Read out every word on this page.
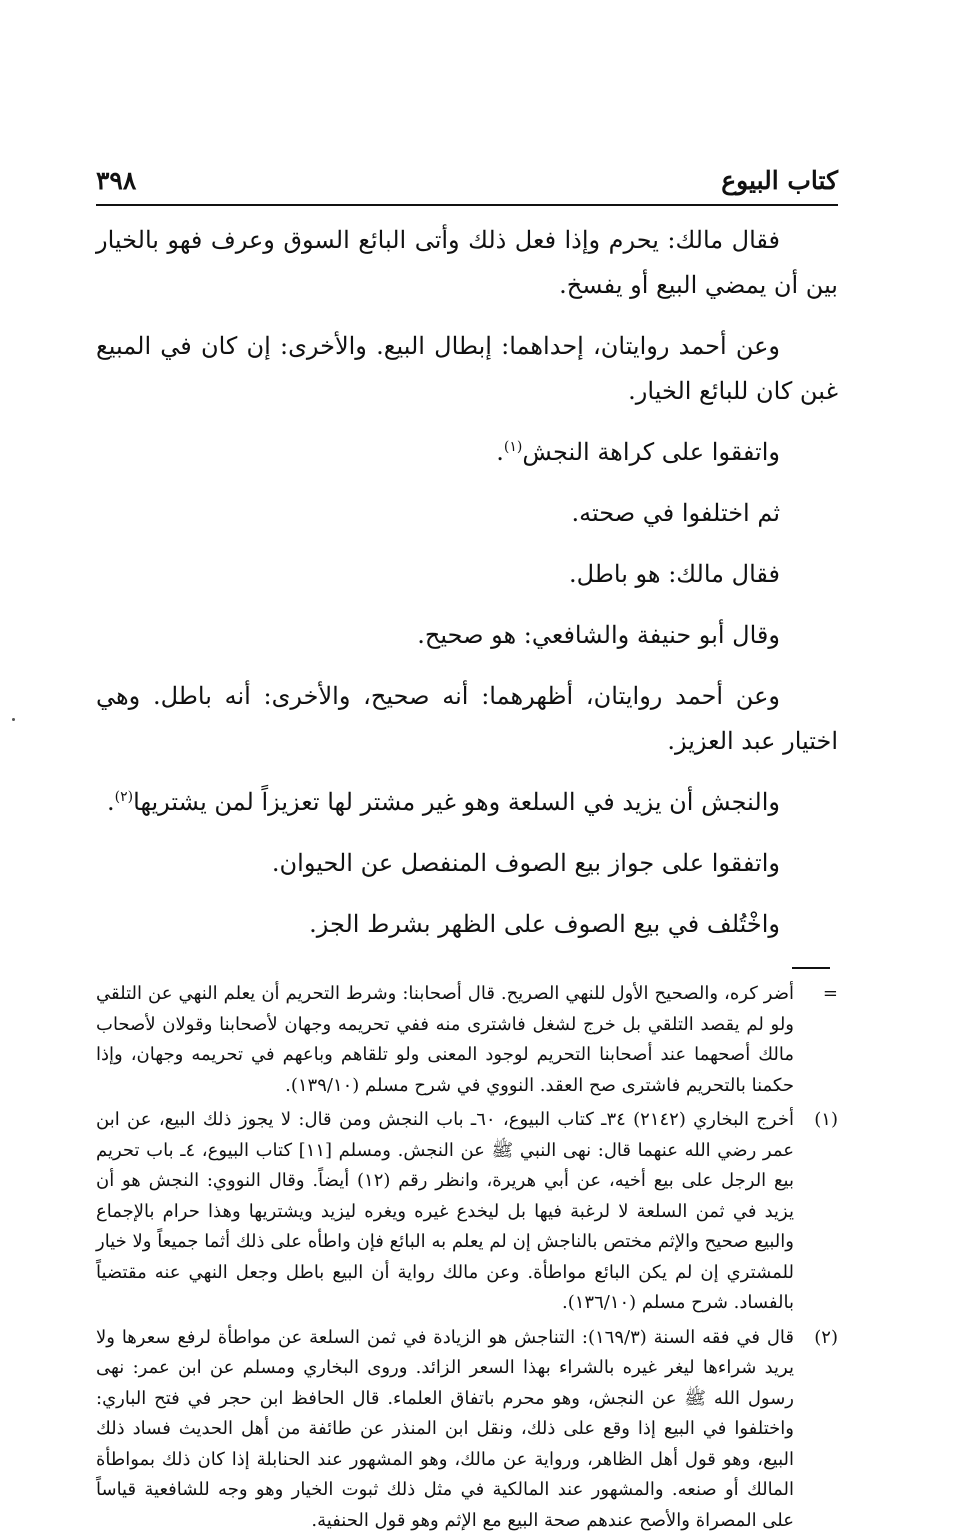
كتاب البيوع
٣٩٨

فقال مالك: يحرم وإذا فعل ذلك وأتى البائع السوق وعرف فهو بالخيار بين أن يمضي البيع أو يفسخ.

وعن أحمد روايتان، إحداهما: إبطال البيع. والأخرى: إن كان في المبيع غبن كان للبائع الخيار.

واتفقوا على كراهة النجش$^{(١)}$.

ثم اختلفوا في صحته.

فقال مالك: هو باطل.

وقال أبو حنيفة والشافعي: هو صحيح.

وعن أحمد روايتان، أظهرهما: أنه صحيح، والأخرى: أنه باطل. وهي اختيار عبد العزيز.

والنجش أن يزيد في السلعة وهو غير مشتر لها تعزيزاً لمن يشتريها$^{(٢)}$.

واتفقوا على جواز بيع الصوف المنفصل عن الحيوان.

واخْتُلف في بيع الصوف على الظهر بشرط الجز.

=
أضر كره، والصحيح الأول للنهي الصريح. قال أصحابنا: وشرط التحريم أن يعلم النهي عن التلقي ولو لم يقصد التلقي بل خرج لشغل فاشترى منه ففي تحريمه وجهان لأصحابنا وقولان لأصحاب مالك أصحهما عند أصحابنا التحريم لوجود المعنى ولو تلقاهم وباعهم في تحريمه وجهان، وإذا حكمنا بالتحريم فاشترى صح العقد. النووي في شرح مسلم (١٣٩/١٠).
(١)
أخرج البخاري (٢١٤٢) ٣٤ـ كتاب البيوع، ٦٠ـ باب النجش ومن قال: لا يجوز ذلك البيع، عن ابن عمر رضي الله عنهما قال: نهى النبي ﷺ عن النجش. ومسلم [١١] كتاب البيوع، ٤ـ باب تحريم بيع الرجل على بيع أخيه، عن أبي هريرة، وانظر رقم (١٢) أيضاً. وقال النووي: النجش هو أن يزيد في ثمن السلعة لا لرغبة فيها بل ليخدع غيره ويغره ليزيد ويشتريها وهذا حرام بالإجماع والبيع صحيح والإثم مختص بالناجش إن لم يعلم به البائع فإن واطأه على ذلك أثما جميعاً ولا خيار للمشتري إن لم يكن البائع مواطأة. وعن مالك رواية أن البيع باطل وجعل النهي عنه مقتضياً بالفساد. شرح مسلم (١٣٦/١٠).
(٢)
قال في فقه السنة (١٦٩/٣): التناجش هو الزيادة في ثمن السلعة عن مواطأة لرفع سعرها ولا يريد شراءها ليغر غيره بالشراء بهذا السعر الزائد. وروى البخاري ومسلم عن ابن عمر: نهى رسول الله ﷺ عن النجش، وهو محرم باتفاق العلماء. قال الحافظ ابن حجر في فتح الباري: واختلفوا في البيع إذا وقع على ذلك، ونقل ابن المنذر عن طائفة من أهل الحديث فساد ذلك البيع، وهو قول أهل الظاهر، ورواية عن مالك، وهو المشهور عند الحنابلة إذا كان ذلك بمواطأة المالك أو صنعه. والمشهور عند المالكية في مثل ذلك ثبوت الخيار وهو وجه للشافعية قياساً على المصراة والأصح عندهم صحة البيع مع الإثم وهو قول الحنفية.
